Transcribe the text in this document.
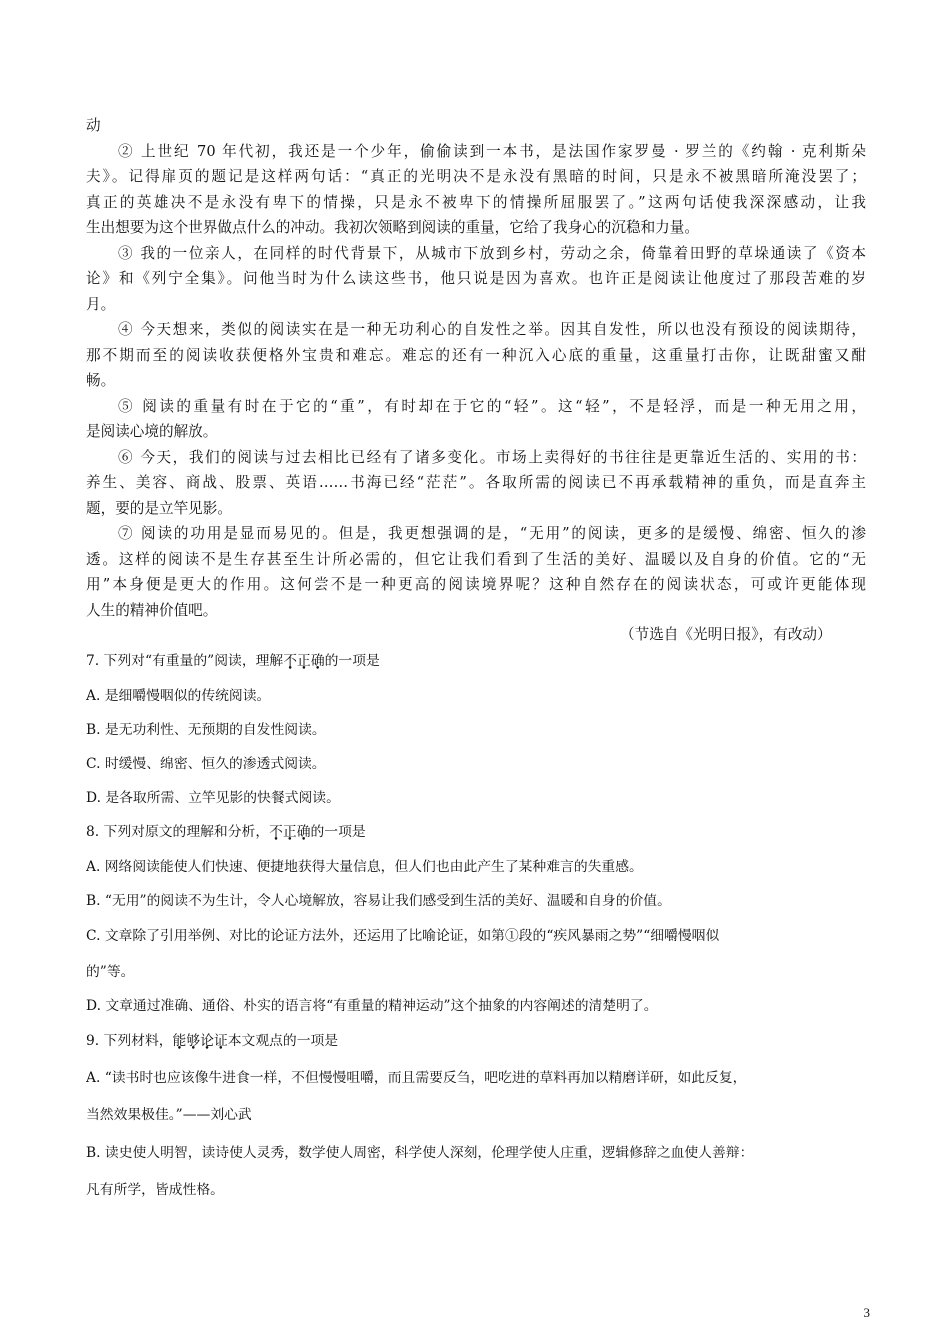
动
② 上世纪 70 年代初，我还是一个少年，偷偷读到一本书，是法国作家罗曼 · 罗兰的《约翰 · 克利斯朵
夫》。记得扉页的题记是这样两句话：“真正的光明决不是永没有黑暗的时间，只是永不被黑暗所淹没罢了；
真正的英雄决不是永没有卑下的情操，只是永不被卑下的情操所屈服罢了。”这两句话使我深深感动，让我
生出想要为这个世界做点什么的冲动。我初次领略到阅读的重量，它给了我身心的沉稳和力量。
③ 我的一位亲人，在同样的时代背景下，从城市下放到乡村，劳动之余，倚靠着田野的草垛通读了《资本
论》和《列宁全集》。问他当时为什么读这些书，他只说是因为喜欢。也许正是阅读让他度过了那段苦难的岁
月。
④ 今天想来，类似的阅读实在是一种无功利心的自发性之举。因其自发性，所以也没有预设的阅读期待，
那不期而至的阅读收获便格外宝贵和难忘。难忘的还有一种沉入心底的重量，这重量打击你，让既甜蜜又酣
畅。
⑤ 阅读的重量有时在于它的“重”，有时却在于它的“轻”。这“轻”，不是轻浮，而是一种无用之用，
是阅读心境的解放。
⑥ 今天，我们的阅读与过去相比已经有了诸多变化。市场上卖得好的书往往是更靠近生活的、实用的书：
养生、美容、商战、股票、英语……书海已经“茫茫”。各取所需的阅读已不再承载精神的重负，而是直奔主
题，要的是立竿见影。
⑦ 阅读的功用是显而易见的。但是，我更想强调的是，“无用”的阅读，更多的是缓慢、绵密、恒久的渗
透。这样的阅读不是生存甚至生计所必需的，但它让我们看到了生活的美好、温暖以及自身的价值。它的“无
用”本身便是更大的作用。这何尝不是一种更高的阅读境界呢？这种自然存在的阅读状态，可或许更能体现
人生的精神价值吧。
（节选自《光明日报》，有改动）
7. 下列对“有重量的”阅读，理解不正确的一项是
A. 是细嚼慢咽似的传统阅读。
B. 是无功利性、无预期的自发性阅读。
C. 时缓慢、绵密、恒久的渗透式阅读。
D. 是各取所需、立竿见影的快餐式阅读。
8. 下列对原文的理解和分析，不正确的一项是
A. 网络阅读能使人们快速、便捷地获得大量信息，但人们也由此产生了某种难言的失重感。
B. “无用”的阅读不为生计，令人心境解放，容易让我们感受到生活的美好、温暖和自身的价值。
C. 文章除了引用举例、对比的论证方法外，还运用了比喻论证，如第①段的“疾风暴雨之势”“细嚼慢咽似
的”等。
D. 文章通过准确、通俗、朴实的语言将“有重量的精神运动”这个抽象的内容阐述的清楚明了。
9. 下列材料，能够论证本文观点的一项是
A. “读书时也应该像牛进食一样，不但慢慢咀嚼，而且需要反刍，吧吃进的草料再加以精磨详研，如此反复，
当然效果极佳。”——刘心武
B. 读史使人明智，读诗使人灵秀，数学使人周密，科学使人深刻，伦理学使人庄重，逻辑修辞之血使人善辩：
凡有所学，皆成性格。
3
